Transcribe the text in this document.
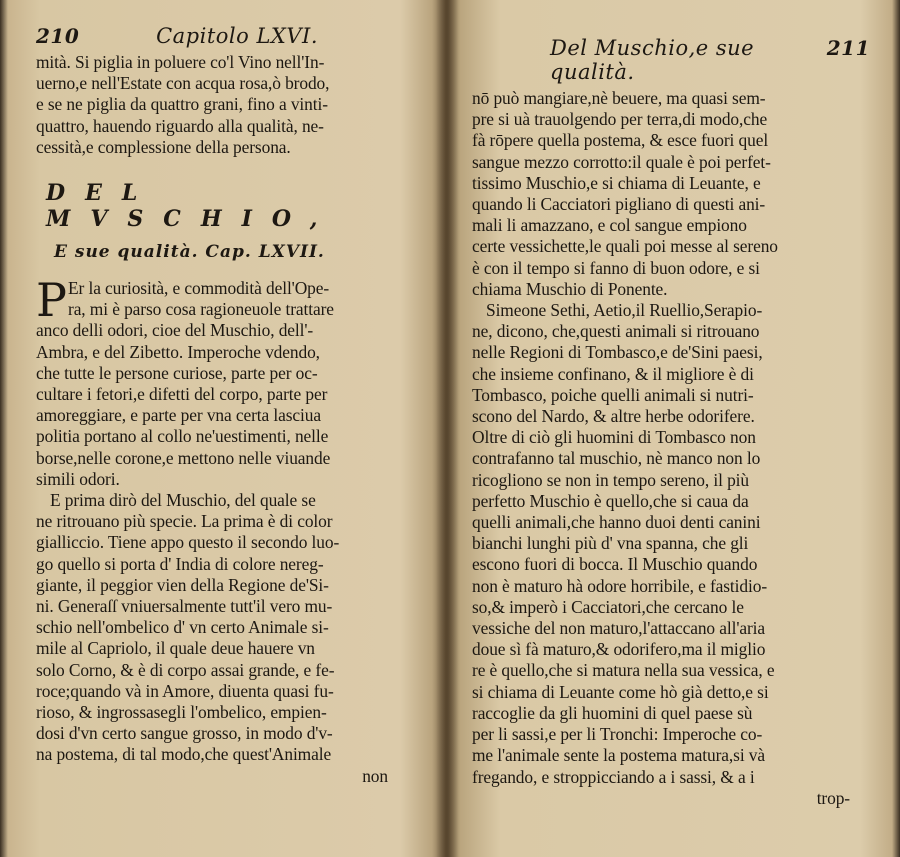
210	Capitolo LXVI.
mità. Si piglia in poluere co'l Vino nell'In-
uerno,e nell'Estate con acqua rosa,ò brodo,
e se ne piglia da quattro grani, fino a vinti-
quattro, hauendo riguardo alla qualità, ne-
cessità,e complessione della persona.
DEL MVSCHIO,
E sue qualità. Cap. LXVII.
P Er la curiosità, e commodità dell'Ope-
ra, mi è parso cosa ragioneuole trattare
anco delli odori, cioe del Muschio, dell'-
Ambra, e del Zibetto. Imperoche vdendo,
che tutte le persone curiose, parte per oc-
cultare i fetori,e difetti del corpo, parte per
amoreggiare, e parte per vna certa lasciua
politia portano al collo ne'uestimenti, nelle
borse,nelle corone,e mettono nelle viuande
simili odori.
E prima dirò del Muschio, del quale se
ne ritrouano più specie. La prima è di color
gialliccio. Tiene appo questo il secondo luo-
go quello si porta d' India di colore nereg-
giante, il peggior vien della Regione de'Si-
ni. Generaſſ vniuersalmente tutt'il vero mu-
schio nell'ombelico d' vn certo Animale si-
mile al Capriolo, il quale deue hauere vn
solo Corno, & è di corpo assai grande, e fe-
roce;quando và in Amore, diuenta quasi fu-
rioso, & ingrossasegli l'ombelico, empien-
dosi d'vn certo sangue grosso, in modo d'v-
na postema, di tal modo,che quest'Animale
non
Del Muschio,e sue qualità.
211
nō può mangiare,nè beuere, ma quasi sem-
pre si uà trauolgendo per terra,di modo,che
fà rōpere quella postema, & esce fuori quel
sangue mezzo corrotto:il quale è poi perfet-
tissimo Muschio,e si chiama di Leuante, e
quando li Cacciatori pigliano di questi ani-
mali li amazzano, e col sangue empiono
certe vessichette,le quali poi messe al sereno
è con il tempo si fanno di buon odore, e si
chiama Muschio di Ponente.
Simeone Sethi, Aetio,il Ruellio,Serapio-
ne, dicono, che,questi animali si ritrouano
nelle Regioni di Tombasco,e de'Sini paesi,
che insieme confinano, & il migliore è di
Tombasco, poiche quelli animali si nutri-
scono del Nardo, & altre herbe odorifere.
Oltre di ciò gli huomini di Tombasco non
contrafanno tal muschio, nè manco non lo
ricogliono se non in tempo sereno, il più
perfetto Muschio è quello,che si caua da
quelli animali,che hanno duoi denti canini
bianchi lunghi più d' vna spanna, che gli
escono fuori di bocca. Il Muschio quando
non è maturo hà odore horribile, e fastidio-
so,& imperò i Cacciatori,che cercano le
vessiche del non maturo,l'attaccano all'aria
doue sì fà maturo,& odorifero,ma il miglio
re è quello,che si matura nella sua vessica, e
si chiama di Leuante come hò già detto,e si
raccoglie da gli huomini di quel paese sù
per li sassi,e per li Tronchi: Imperoche co-
me l'animale sente la postema matura,si và
fregando, e stroppicciando a i sassi, & a i
trop-
